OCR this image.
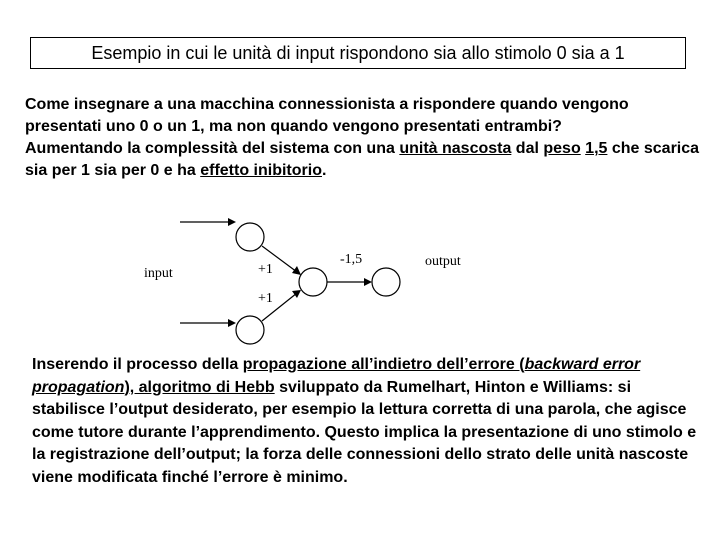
Esempio in cui le unità di input rispondono sia allo stimolo 0 sia a 1
Come insegnare a una macchina connessionista a rispondere quando vengono presentati uno 0 o un 1, ma non quando vengono presentati entrambi?
Aumentando la complessità del sistema con una unità nascosta dal peso 1,5 che scarica sia per 1 sia per 0 e ha effetto inibitorio.
input	+1
+1
-1,5	output
Inserendo il processo della propagazione all’indietro dell’errore (backward error propagation), algoritmo di Hebb sviluppato da Rumelhart, Hinton e Williams: si stabilisce l’output desiderato, per esempio la lettura corretta di una parola, che agisce come tutore durante l’apprendimento. Questo implica la presentazione di uno stimolo e la registrazione dell’output; la forza delle connessioni dello strato delle unità nascoste viene modificata finché l’errore è minimo.
